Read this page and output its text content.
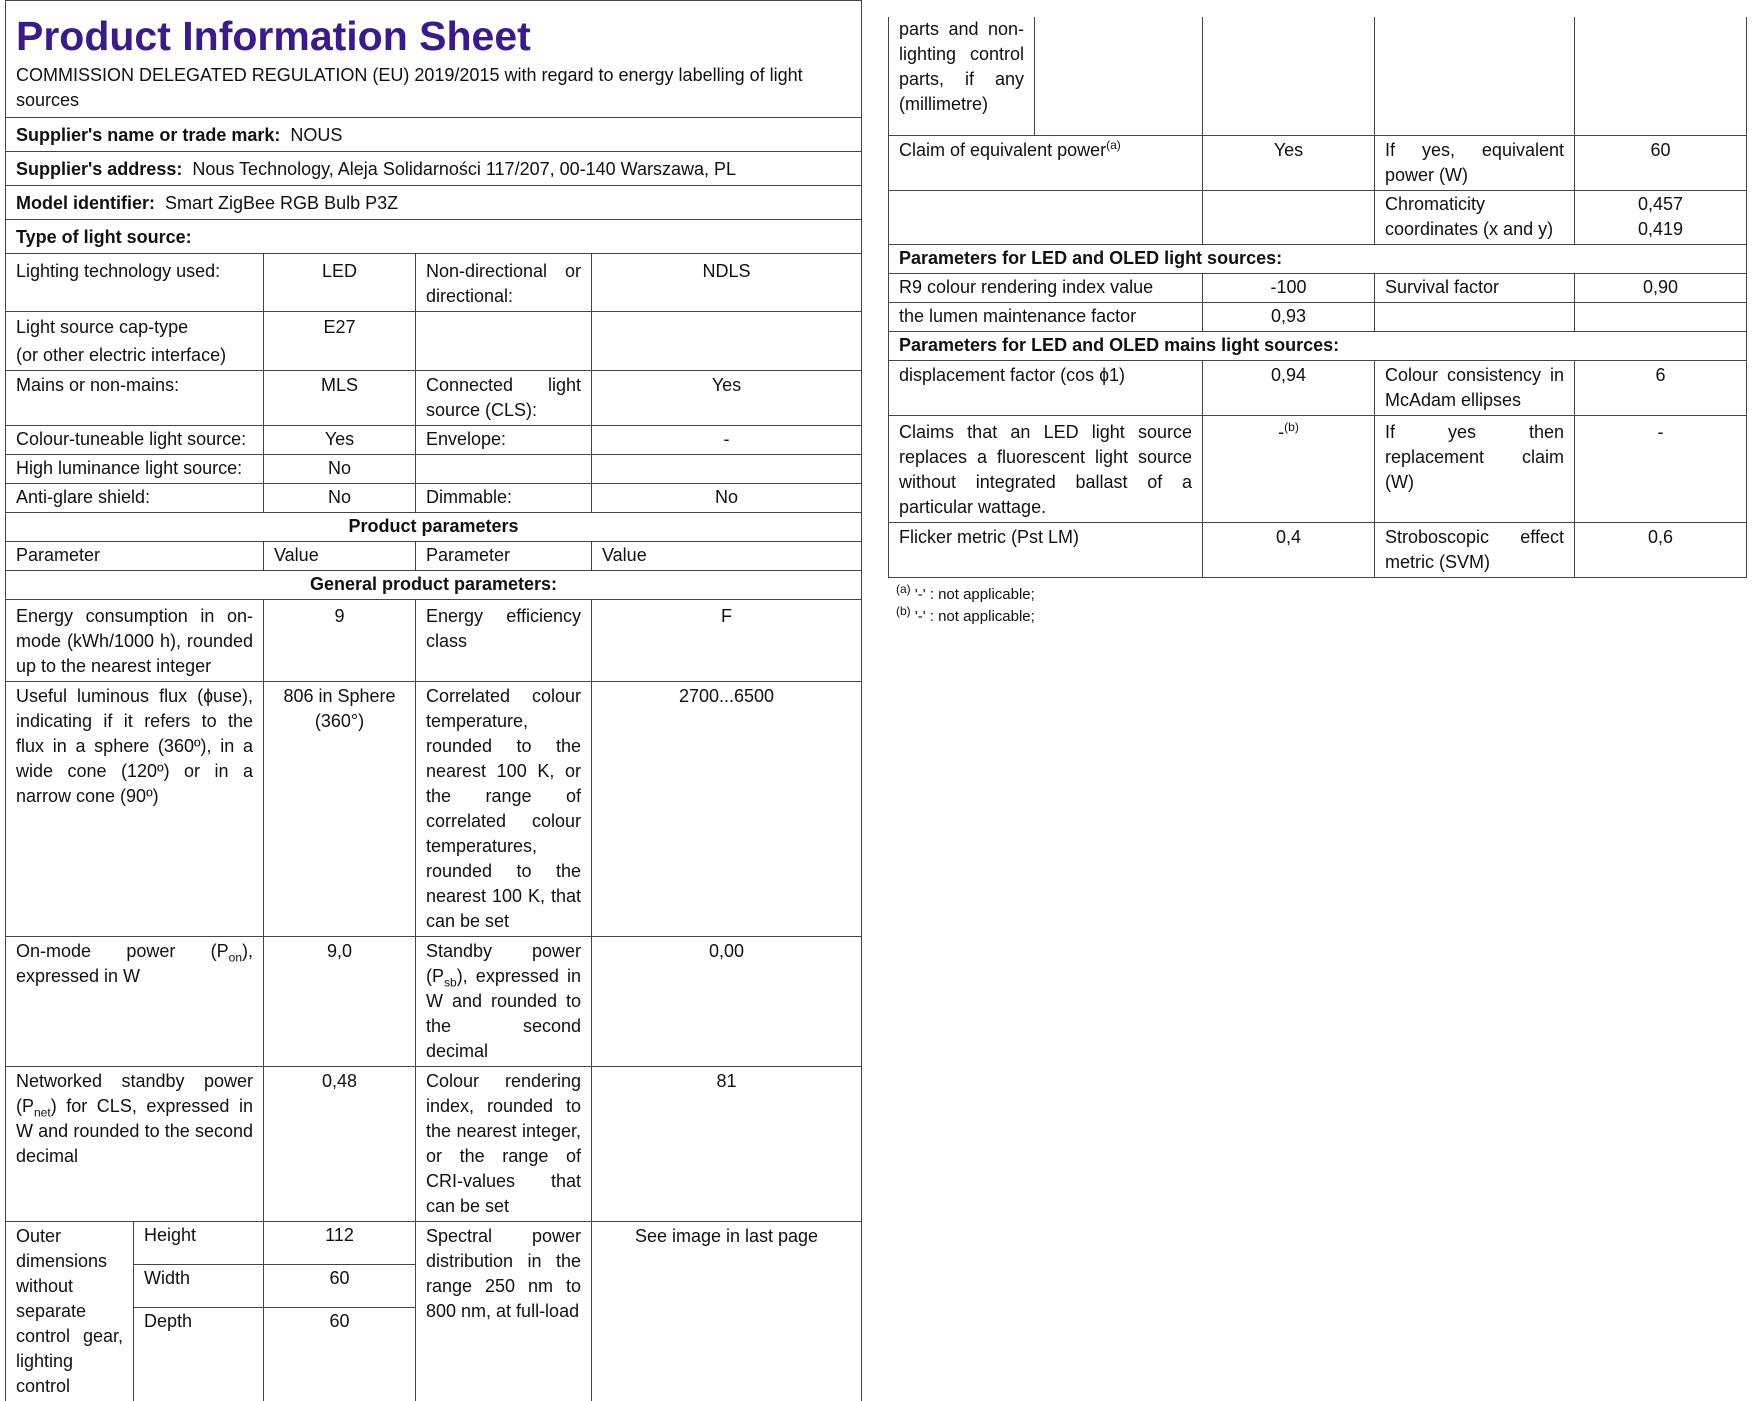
Product Information Sheet
COMMISSION DELEGATED REGULATION (EU) 2019/2015 with regard to energy labelling of light sources

Supplier's name or trade mark: NOUS
Supplier's address: Nous Technology, Aleja Solidarności 117/207, 00-140 Warszawa, PL
Model identifier: Smart ZigBee RGB Bulb P3Z
Type of light source:
Lighting technology used:	LED	Non-directional or directional:	NDLS

Light source cap-type
(or other electric interface)	E27		
Mains or non-mains:	MLS	Connected light source (CLS):	Yes
Colour-tuneable light source:	Yes	Envelope:	-
High luminance light source:	No		
Anti-glare shield:	No	Dimmable:	No
Product parameters			
Parameter	Value	Parameter	Value
General product parameters:			
Energy consumption in on-mode (kWh/1000 h), rounded up to the nearest integer	9	Energy efficiency class	F
Useful luminous flux (ɸuse), indicating if it refers to the flux in a sphere (360º), in a wide cone (120º) or in a narrow cone (90º)	806 in Sphere (360°)	Correlated colour temperature, rounded to the nearest 100 K, or the range of correlated colour temperatures, rounded to the nearest 100 K, that can be set	2700...6500
On-mode power $(P_{on})$, expressed in W	9,0	Standby power $(P_{sb})$, expressed in W and rounded to the second decimal	0,00
Networked standby power $(P_{net})$ for CLS, expressed in W and rounded to the second decimal	0,48	Colour rendering index, rounded to the nearest integer, or the range of CRI-values that can be set	81
Outer dimensions without separate control gear, lighting control	Height	112	Spectral power distribution in the range 250 nm to 800 nm, at full-load	See image in last page
	Width	60		
	Depth	60		
parts and non-lighting control parts, if any (millimetre)				
Claim of equivalent power$^{(a)}$		Yes	If yes, equivalent power (W)	60
			Chromaticity coordinates (x and y)	0,457
0,419

Parameters for LED and OLED light sources:				
R9 colour rendering index value		-100	Survival factor	0,90
the lumen maintenance factor		0,93		
Parameters for LED and OLED mains light sources:				
displacement factor (cos ɸ1)		0,94	Colour consistency in McAdam ellipses	6
Claims that an LED light source replaces a fluorescent light source without integrated ballast of a particular wattage.		-$^{(b)}$	If yes then replacement claim (W)	-
Flicker metric (Pst LM)		0,4	Stroboscopic effect metric (SVM)	0,6
$^{(a)}$ '-' : not applicable;
$^{(b)}$ '-' : not applicable;
